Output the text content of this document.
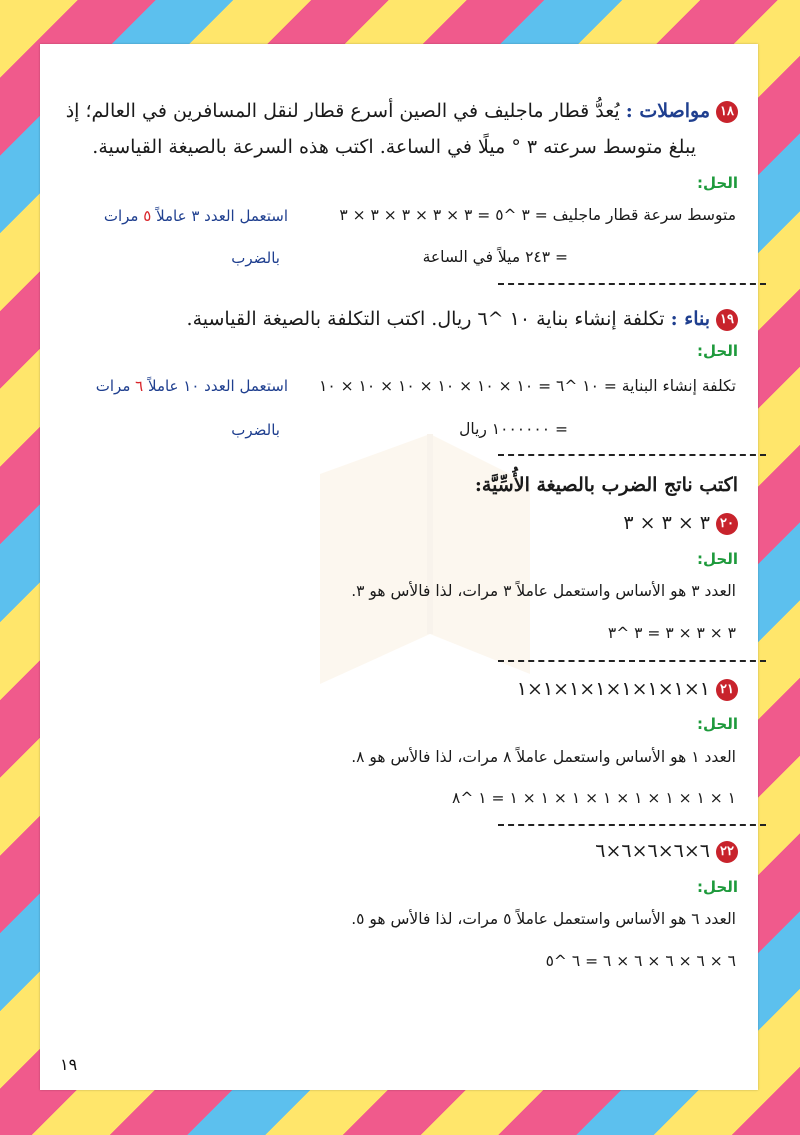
١٨مواصلات : يُعدُّ قطار ماجليف في الصين أسرع قطار لنقل المسافرين في العالم؛ إذ
يبلغ متوسط سرعته ٣ ° ميلًا في الساعة. اكتب هذه السرعة بالصيغة القياسية.
الحل:
متوسط سرعة قطار ماجليف = ٣ ^٥ = ٣ × ٣ × ٣ × ٣ × ٣
استعمل العدد ٣ عاملاً ٥ مرات
= ٢٤٣ ميلاً في الساعة
بالضرب
١٩بناء : تكلفة إنشاء بناية ١٠ ^٦ ريال. اكتب التكلفة بالصيغة القياسية.
الحل:
تكلفة إنشاء البناية = ١٠ ^٦ = ١٠ × ١٠ × ١٠ × ١٠ × ١٠ × ١٠
استعمل العدد ١٠ عاملاً ٦ مرات
= ١٠٠٠٠٠٠ ريال
بالضرب
اكتب ناتج الضرب بالصيغة الأُسِّيَّة:
٢٠٣ × ٣ × ٣
الحل:
العدد ٣ هو الأساس واستعمل عاملاً ٣ مرات، لذا فالأس هو ٣.
٣ × ٣ × ٣ = ٣ ^٣
٢١١×١×١×١×١×١×١×١
الحل:
العدد ١ هو الأساس واستعمل عاملاً ٨ مرات، لذا فالأس هو ٨.
١ × ١ × ١ × ١ × ١ × ١ × ١ × ١ = ١ ^٨
٢٢٦×٦×٦×٦×٦
الحل:
العدد ٦ هو الأساس واستعمل عاملاً ٥ مرات، لذا فالأس هو ٥.
٦ × ٦ × ٦ × ٦ × ٦ = ٦ ^٥
١٩
